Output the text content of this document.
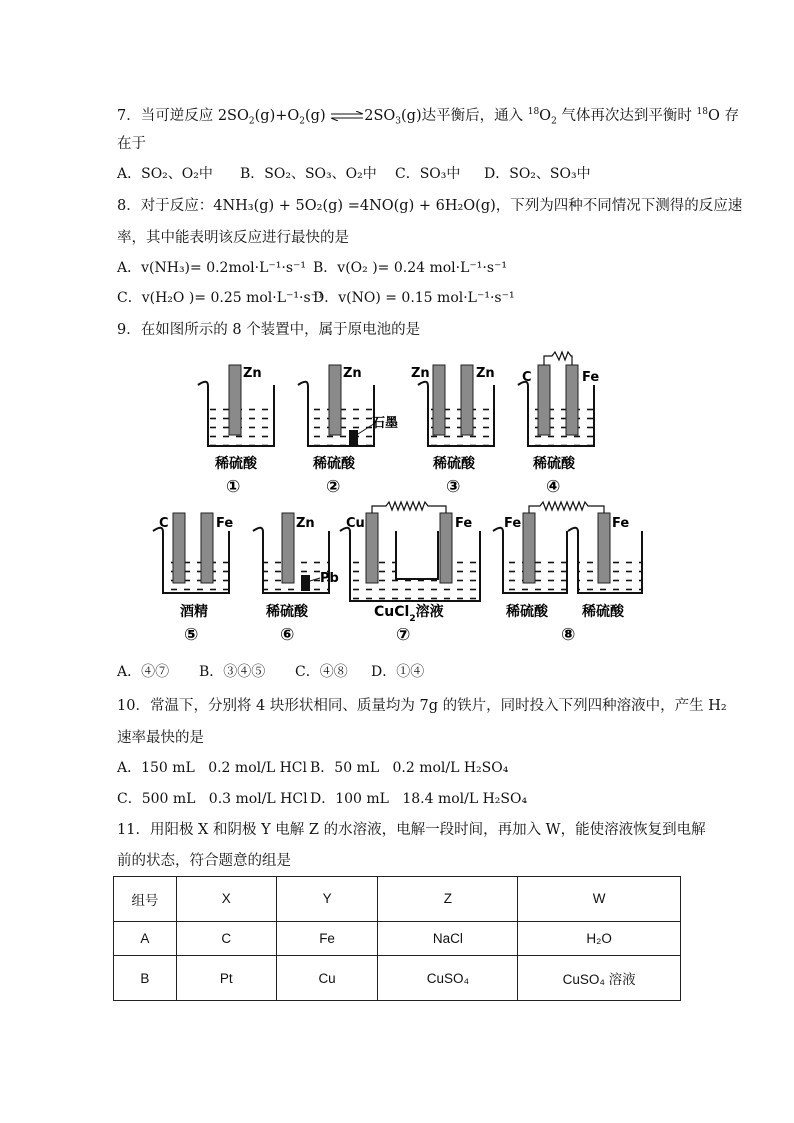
7．当可逆反应 $2SO_2(g)+O_2(g)$ $\rightleftharpoons 2SO_3(g)$达平衡后，通入 $^{18}O_2$ 气体再次达到平衡时 $^{18}$O 存
在于
A．SO₂、O₂中 B．SO₂、SO₃、O₂中 C．SO₃中 D．SO₂、SO₃中
8．对于反应：4NH₃(g) + 5O₂(g) =4NO(g) + 6H₂O(g)，下列为四种不同情况下测得的反应速
率，其中能表明该反应进行最快的是
A．v(NH₃)= 0.2mol·L⁻¹·s⁻¹ B．v(O₂ )= 0.24 mol·L⁻¹·s⁻¹
C．v(H₂O )= 0.25 mol·L⁻¹·s⁻¹
D．v(NO) = 0.15 mol·L⁻¹·s⁻¹
9．在如图所示的 8 个装置中，属于原电池的是
Zn
稀硫酸
①
Zn
石墨
稀硫酸
②
Zn	Zn
稀硫酸
③
C	Fe
稀硫酸
④
C	Fe
酒精
⑤
Zn
Pb
稀硫酸
⑥
Cu	Fe
CuCl$_2$溶液
⑦
Fe	Fe
稀硫酸 稀硫酸
⑧
A．④⑦ B．③④⑤ C．④⑧ D．①④
10．常温下，分别将 4 块形状相同、质量均为 7g 的铁片，同时投入下列四种溶液中，产生 H₂
速率最快的是
A．150 mL   0.2 mol/L HCl B．50 mL   0.2 mol/L H₂SO₄
C．500 mL   0.3 mol/L HCl D．100 mL   18.4 mol/L H₂SO₄
11．用阳极 X 和阴极 Y 电解 Z 的水溶液，电解一段时间，再加入 W，能使溶液恢复到电解
前的状态，符合题意的组是
组号	X	Y	Z	W
A	C	Fe	NaCl	H₂O
B	Pt	Cu	CuSO₄	CuSO₄ 溶液
